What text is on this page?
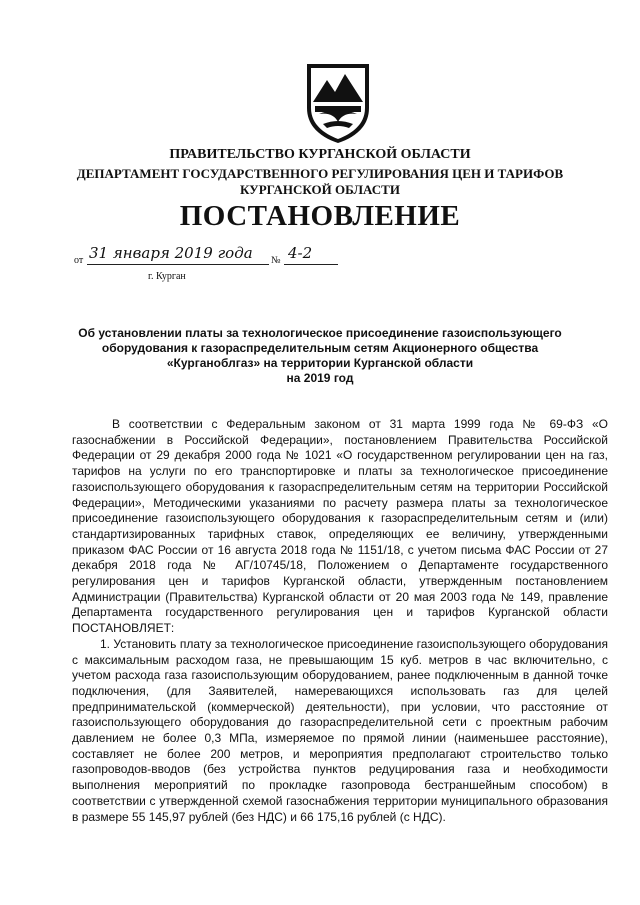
ПРАВИТЕЛЬСТВО КУРГАНСКОЙ ОБЛАСТИ
ДЕПАРТАМЕНТ ГОСУДАРСТВЕННОГО РЕГУЛИРОВАНИЯ ЦЕН И ТАРИФОВ
КУРГАНСКОЙ ОБЛАСТИ
ПОСТАНОВЛЕНИЕ
от 31 января 2019 года	№ 4-2
г. Курган
Об установлении платы за технологическое присоединение газоиспользующего
оборудования к газораспределительным сетям Акционерного общества
«Курганоблгаз» на территории Курганской области
на 2019 год

В соответствии с Федеральным законом от 31 марта 1999 года № 69-ФЗ «О газоснабжении в Российской Федерации», постановлением Правительства Российской Федерации от 29 декабря 2000 года № 1021 «О государственном регулировании цен на газ, тарифов на услуги по его транспортировке и платы за технологическое присоединение газоиспользующего оборудования к газораспределительным сетям на территории Российской Федерации», Методическими указаниями по расчету размера платы за технологическое присоединение газоиспользующего оборудования к газораспределительным сетям и (или) стандартизированных тарифных ставок, определяющих ее величину, утвержденными приказом ФАС России от 16 августа 2018 года № 1151/18, с учетом письма ФАС России от 27 декабря 2018 года № АГ/10745/18, Положением о Департаменте государственного регулирования цен и тарифов Курганской области, утвержденным постановлением Администрации (Правительства) Курганской области от 20 мая 2003 года № 149, правление Департамента государственного регулирования цен и тарифов Курганской области ПОСТАНОВЛЯЕТ:

1. Установить плату за технологическое присоединение газоиспользующего оборудования с максимальным расходом газа, не превышающим 15 куб. метров в час включительно, с учетом расхода газа газоиспользующим оборудованием, ранее подключенным в данной точке подключения, (для Заявителей, намеревающихся использовать газ для целей предпринимательской (коммерческой) деятельности), при условии, что расстояние от газоиспользующего оборудования до газораспределительной сети с проектным рабочим давлением не более 0,3 МПа, измеряемое по прямой линии (наименьшее расстояние), составляет не более 200 метров, и мероприятия предполагают строительство только газопроводов-вводов (без устройства пунктов редуцирования газа и необходимости выполнения мероприятий по прокладке газопровода бестраншейным способом) в соответствии с утвержденной схемой газоснабжения территории муниципального образования в размере 55 145,97 рублей (без НДС) и 66 175,16 рублей (с НДС).
